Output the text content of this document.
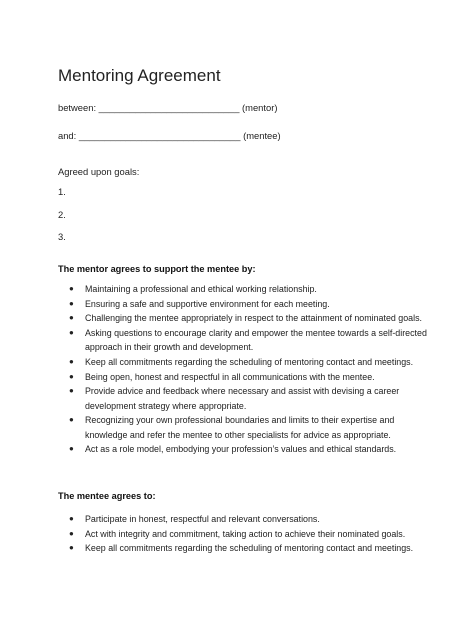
Mentoring Agreement
between: ___________________________ (mentor)
and: _______________________________ (mentee)
Agreed upon goals:
1.
2.
3.
The mentor agrees to support the mentee by:
● Maintaining a professional and ethical working relationship.
● Ensuring a safe and supportive environment for each meeting.
● Challenging the mentee appropriately in respect to the attainment of nominated goals.
● Asking questions to encourage clarity and empower the mentee towards a self-directed approach in their growth and development.
● Keep all commitments regarding the scheduling of mentoring contact and meetings.
● Being open, honest and respectful in all communications with the mentee.
● Provide advice and feedback where necessary and assist with devising a career development strategy where appropriate.
● Recognizing your own professional boundaries and limits to their expertise and knowledge and refer the mentee to other specialists for advice as appropriate.
● Act as a role model, embodying your profession’s values and ethical standards.
The mentee agrees to:
● Participate in honest, respectful and relevant conversations.
● Act with integrity and commitment, taking action to achieve their nominated goals.
● Keep all commitments regarding the scheduling of mentoring contact and meetings.
